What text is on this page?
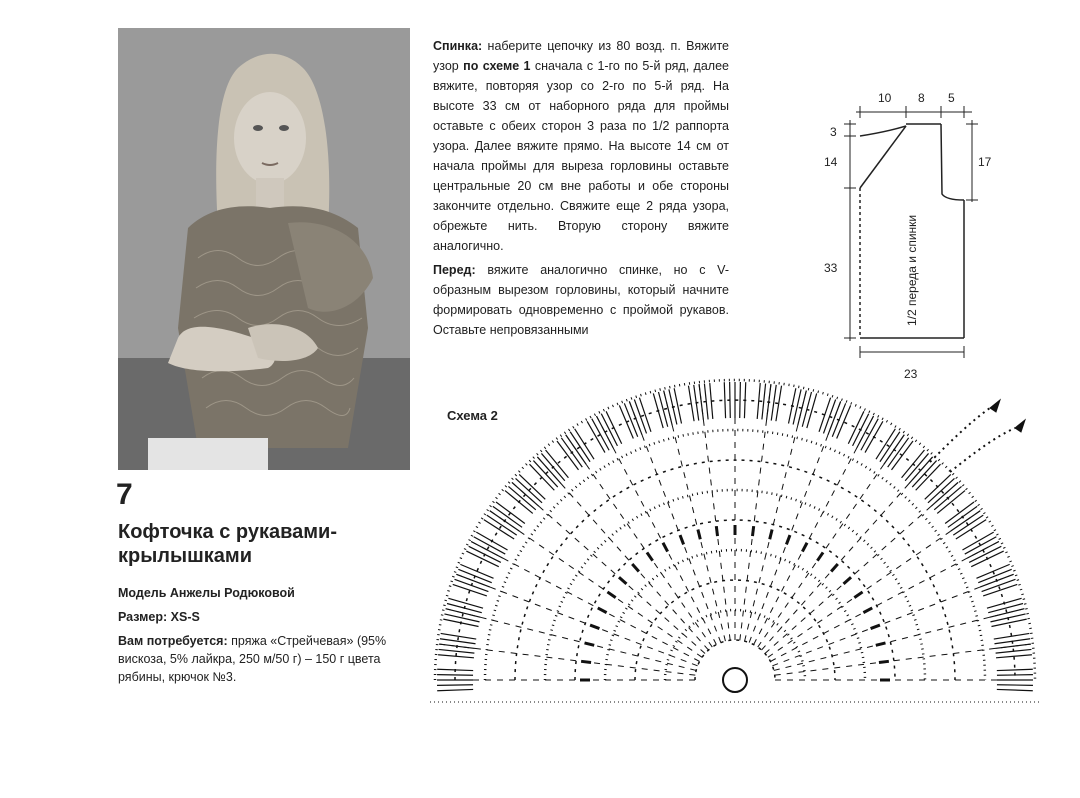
7
Кофточка с рукавами-крылышками
Модель Анжелы Родюковой
Размер: XS-S
Вам потребуется: пряжа «Стрейчевая» (95% вискоза, 5% лайкра, 250 м/50 г) – 150 г цвета рябины, крючок №3.

Спинка: наберите цепочку из 80 возд. п. Вяжите узор по схеме 1 сначала с 1-го по 5-й ряд, далее вяжите, повторяя узор со 2-го по 5-й ряд. На высоте 33 см от наборного ряда для проймы оставьте с обеих сторон 3 раза по 1/2 раппорта узора. Далее вяжите прямо. На высоте 14 см от начала проймы для выреза горловины оставьте центральные 20 см вне работы и обе стороны закончите отдельно. Свяжите еще 2 ряда узора, обрежьте нить. Вторую сторону вяжите аналогично.

Перед: вяжите аналогично спинке, но с V-образным вырезом горловины, который начните формировать одновременно с проймой рукавов. Оставьте непровязанными

10 8 5
3
14
33
17
23
1/2 переда и спинки
Схема 2
